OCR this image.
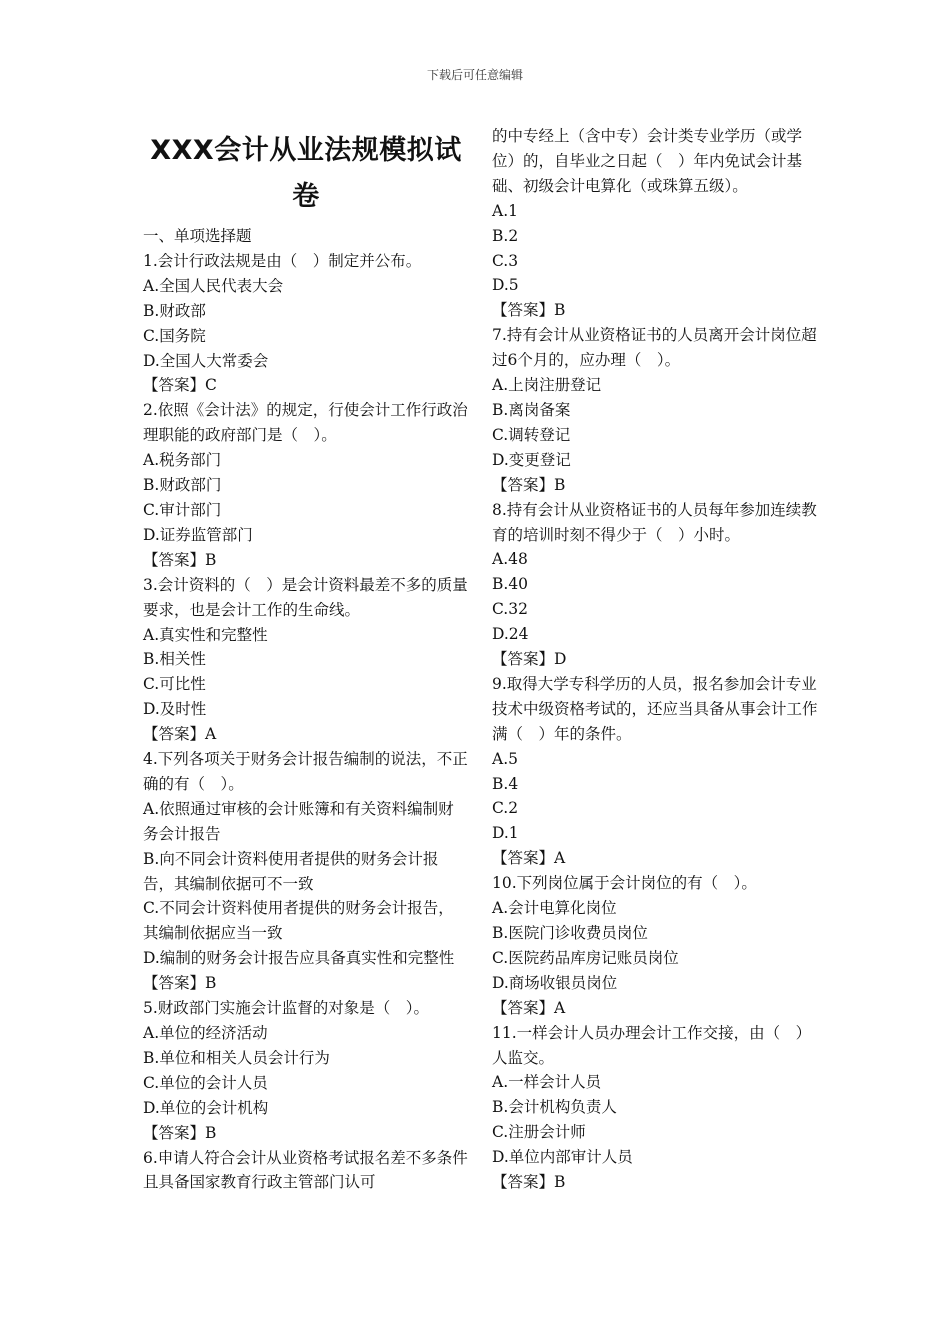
下载后可任意编辑
XXX会计从业法规模拟试卷
一、单项选择题
1.会计行政法规是由（　）制定并公布。
A.全国人民代表大会
B.财政部
C.国务院
D.全国人大常委会
【答案】C
2.依照《会计法》的规定，行使会计工作行政治理职能的政府部门是（　）。
A.税务部门
B.财政部门
C.审计部门
D.证券监管部门
【答案】B
3.会计资料的（　）是会计资料最差不多的质量要求，也是会计工作的生命线。
A.真实性和完整性
B.相关性
C.可比性
D.及时性
【答案】A
4.下列各项关于财务会计报告编制的说法，不正确的有（　）。
A.依照通过审核的会计账簿和有关资料编制财务会计报告
B.向不同会计资料使用者提供的财务会计报告，其编制依据可不一致
C.不同会计资料使用者提供的财务会计报告，其编制依据应当一致
D.编制的财务会计报告应具备真实性和完整性
【答案】B
5.财政部门实施会计监督的对象是（　）。
A.单位的经济活动
B.单位和相关人员会计行为
C.单位的会计人员
D.单位的会计机构
【答案】B
6.申请人符合会计从业资格考试报名差不多条件且具备国家教育行政主管部门认可
的中专经上（含中专）会计类专业学历（或学位）的，自毕业之日起（　）年内免试会计基础、初级会计电算化（或珠算五级）。
A.1
B.2
C.3
D.5
【答案】B
7.持有会计从业资格证书的人员离开会计岗位超过6个月的，应办理（　）。
A.上岗注册登记
B.离岗备案
C.调转登记
D.变更登记
【答案】B
8.持有会计从业资格证书的人员每年参加连续教育的培训时刻不得少于（　）小时。
A.48
B.40
C.32
D.24
【答案】D
9.取得大学专科学历的人员，报名参加会计专业技术中级资格考试的，还应当具备从事会计工作满（　）年的条件。
A.5
B.4
C.2
D.1
【答案】A
10.下列岗位属于会计岗位的有（　）。
A.会计电算化岗位
B.医院门诊收费员岗位
C.医院药品库房记账员岗位
D.商场收银员岗位
【答案】A
11.一样会计人员办理会计工作交接，由（　）人监交。
A.一样会计人员
B.会计机构负责人
C.注册会计师
D.单位内部审计人员
【答案】B
